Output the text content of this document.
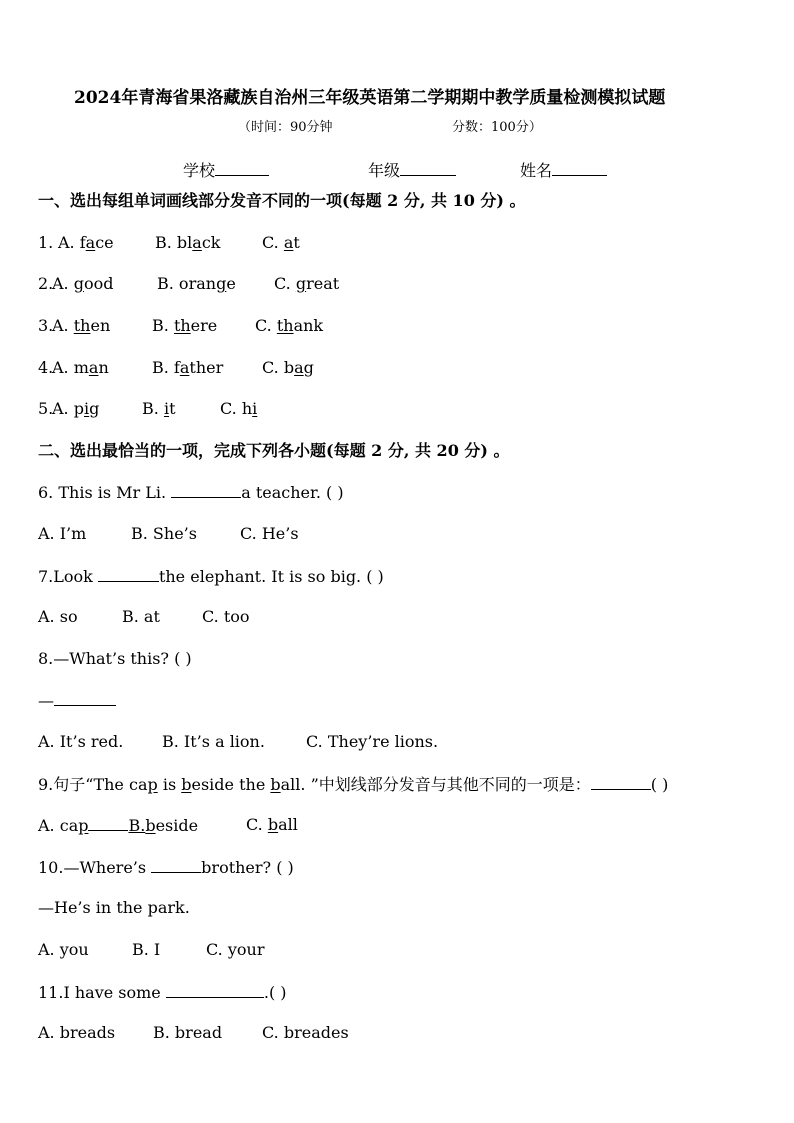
2024年青海省果洛藏族自治州三年级英语第二学期期中教学质量检测模拟试题
（时间：90分钟	分数：100分）
学校	年级	姓名
一、选出每组单词画线部分发音不同的一项(每题 2 分, 共 10 分) 。
1. A. face	B. black	C. at
2.
A. good	B. orange C. great
3.
A. then	B. there C. thank
4.
A. man	B. father C. bag
5.
A. pig	B. it	C. hi
二、选出最恰当的一项，完成下列各小题(每题 2 分, 共 20 分) 。
6. This is Mr Li.	a teacher. ( )
A. I’m	B. She’s	C. He’s
7.Look	the elephant. It is so big. ( )
A. so	B. at	C. too
8.—What’s this? ( )
—
A. It’s red. B. It’s a lion.	C. They’re lions.
9.句子“The cap is beside the ball. ”中划线部分发音与其他不同的一项是：	( )
A. cap	B.beside	C. ball
10.—Where’s	brother? ( )
—He’s in the park.
A. you	B. I	C. your
11.I have some	.( )
A. breads B. bread C. breades
